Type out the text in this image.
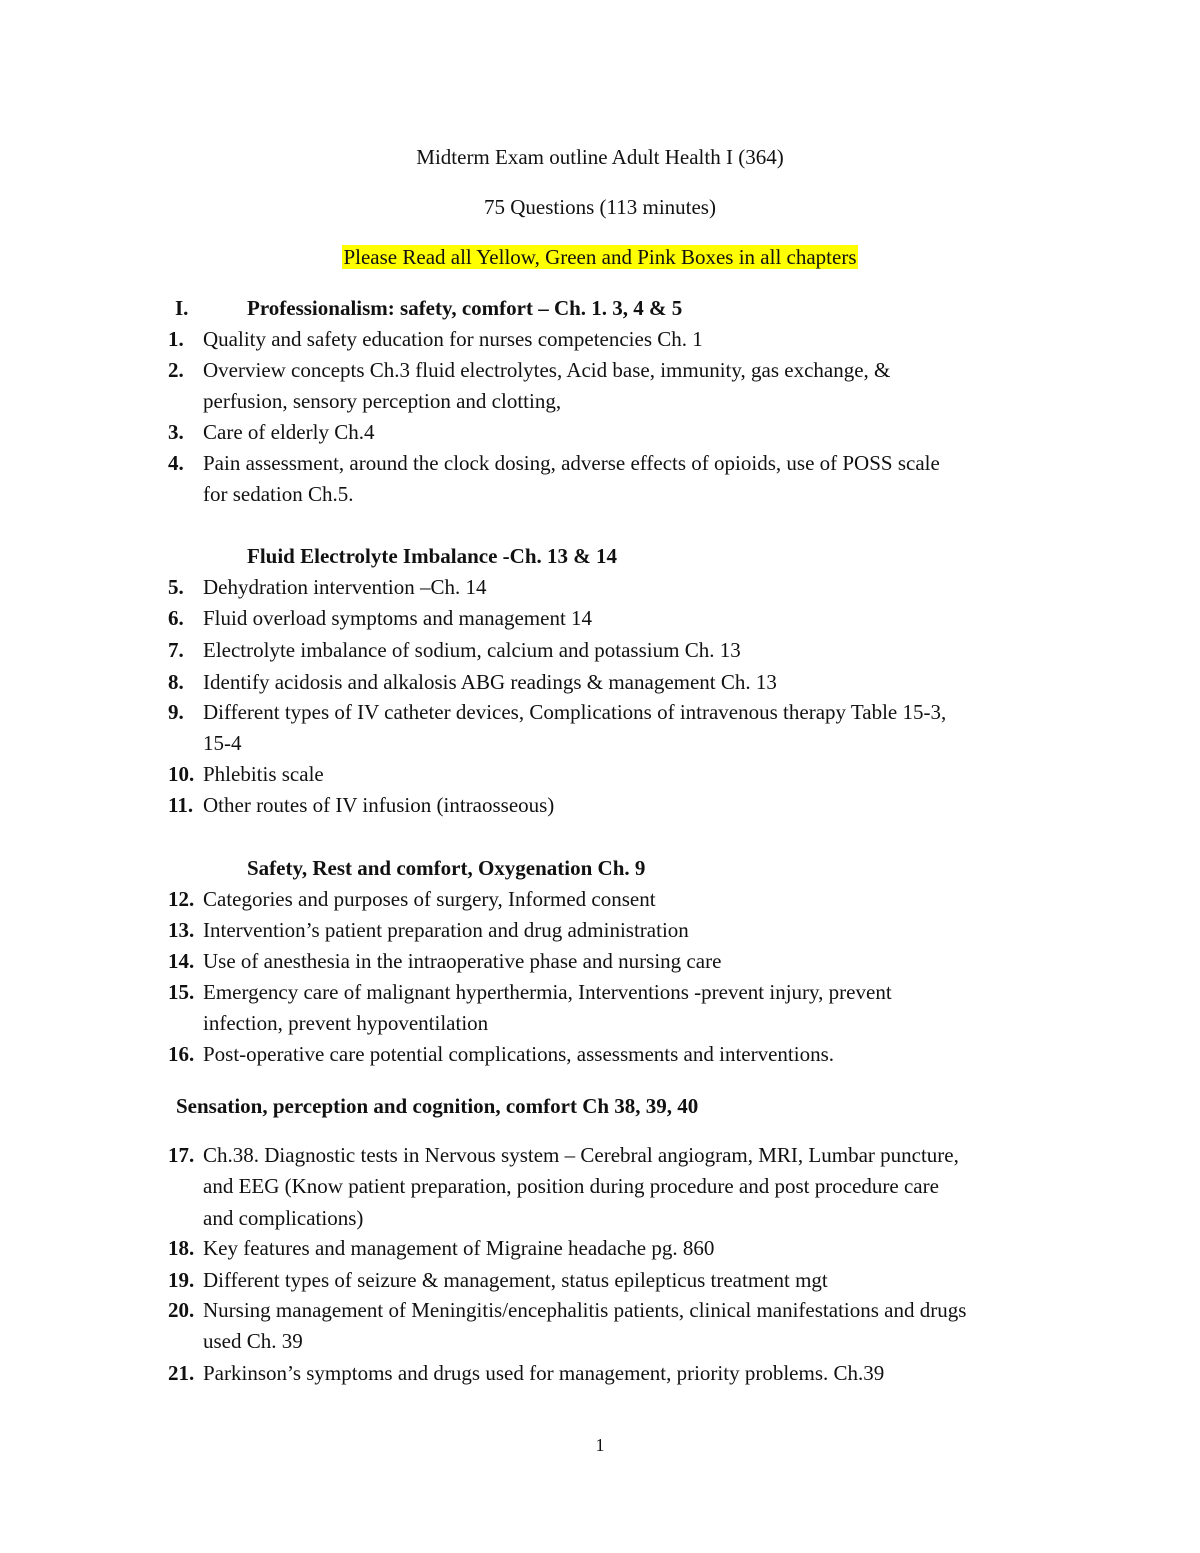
Midterm Exam outline Adult Health I (364)
75 Questions (113 minutes)
Please Read all Yellow, Green and Pink Boxes in all chapters
I.	Professionalism: safety, comfort – Ch. 1. 3, 4 & 5
1. Quality and safety education for nurses competencies Ch. 1
2. Overview concepts Ch.3 fluid electrolytes, Acid base, immunity, gas exchange, &
perfusion, sensory perception and clotting,
3. Care of elderly Ch.4
4. Pain assessment, around the clock dosing, adverse effects of opioids, use of POSS scale
for sedation Ch.5.
Fluid Electrolyte Imbalance -Ch. 13 & 14
5. Dehydration intervention –Ch. 14
6. Fluid overload symptoms and management 14
7. Electrolyte imbalance of sodium, calcium and potassium Ch. 13
8. Identify acidosis and alkalosis ABG readings & management Ch. 13
9. Different types of IV catheter devices, Complications of intravenous therapy Table 15-3,
15-4
10. Phlebitis scale
11. Other routes of IV infusion (intraosseous)
Safety, Rest and comfort, Oxygenation Ch. 9
12. Categories and purposes of surgery, Informed consent
13. Intervention’s patient preparation and drug administration
14. Use of anesthesia in the intraoperative phase and nursing care
15. Emergency care of malignant hyperthermia, Interventions -prevent injury, prevent
infection, prevent hypoventilation
16. Post-operative care potential complications, assessments and interventions.
Sensation, perception and cognition, comfort Ch 38, 39, 40
17. Ch.38. Diagnostic tests in Nervous system – Cerebral angiogram, MRI, Lumbar puncture,
and EEG (Know patient preparation, position during procedure and post procedure care
and complications)
18. Key features and management of Migraine headache pg. 860
19. Different types of seizure & management, status epilepticus treatment mgt
20. Nursing management of Meningitis/encephalitis patients, clinical manifestations and drugs
used Ch. 39
21. Parkinson’s symptoms and drugs used for management, priority problems. Ch.39
1
